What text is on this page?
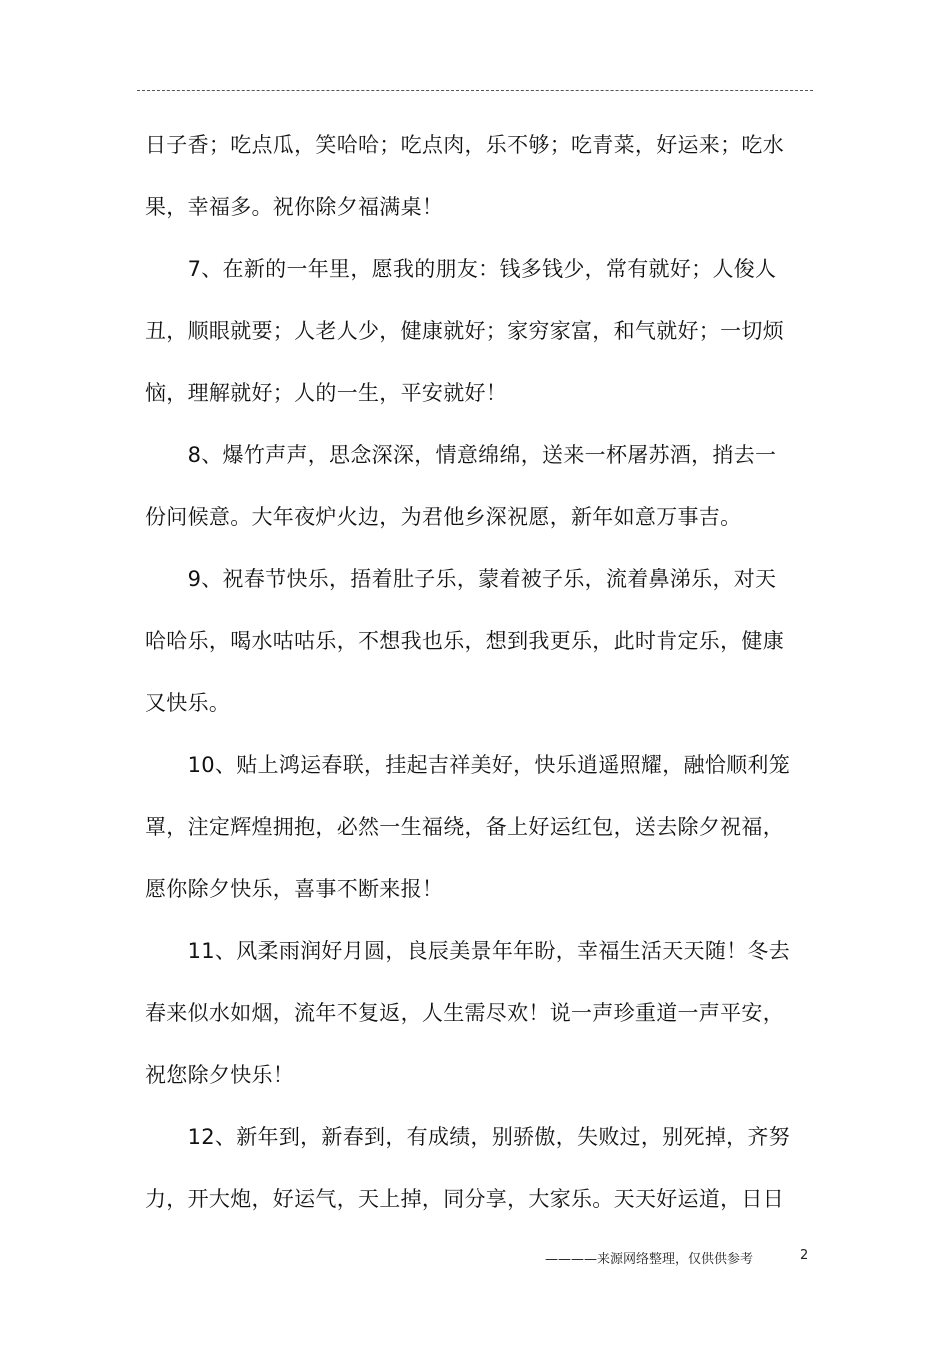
日子香；吃点瓜，笑哈哈；吃点肉，乐不够；吃青菜，好运来；吃水
果，幸福多。祝你除夕福满桌！
　　7、在新的一年里，愿我的朋友：钱多钱少，常有就好；人俊人
丑，顺眼就要；人老人少，健康就好；家穷家富，和气就好；一切烦
恼，理解就好；人的一生，平安就好！
　　8、爆竹声声，思念深深，情意绵绵，送来一杯屠苏酒，捎去一
份问候意。大年夜炉火边，为君他乡深祝愿，新年如意万事吉。
　　9、祝春节快乐，捂着肚子乐，蒙着被子乐，流着鼻涕乐，对天
哈哈乐，喝水咕咕乐，不想我也乐，想到我更乐，此时肯定乐，健康
又快乐。
　　10、贴上鸿运春联，挂起吉祥美好，快乐逍遥照耀，融恰顺利笼
罩，注定辉煌拥抱，必然一生福绕，备上好运红包，送去除夕祝福，
愿你除夕快乐，喜事不断来报！
　　11、风柔雨润好月圆，良辰美景年年盼，幸福生活天天随！冬去
春来似水如烟，流年不复返，人生需尽欢！说一声珍重道一声平安，
祝您除夕快乐！
　　12、新年到，新春到，有成绩，别骄傲，失败过，别死掉，齐努
力，开大炮，好运气，天上掉，同分享，大家乐。天天好运道，日日
————来源网络整理，仅供供参考	2
